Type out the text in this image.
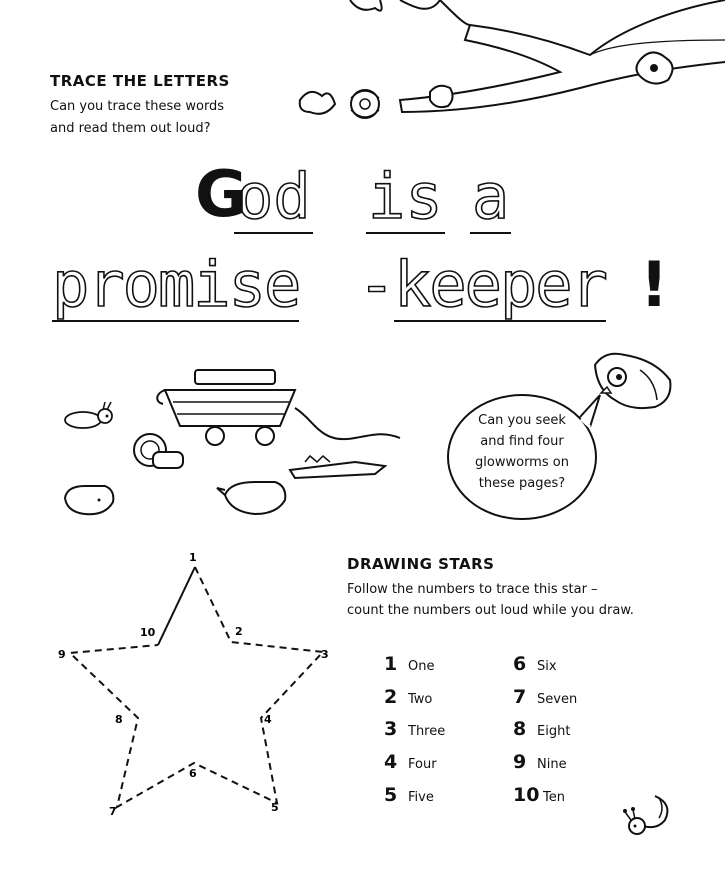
TRACE THE LETTERS
Can you trace these words
and read them out loud?
G
od is a
promise - keeper !
Can you seek
and find four
glowworms on
these pages?
1
2
3
4
5
6
7
8
9
10
DRAWING STARS
Follow the numbers to trace this star –
count the numbers out loud while you draw.
1 One
2 Two
3 Three
4 Four
5 Five
6 Six
7 Seven
8 Eight
9 Nine
10 Ten
